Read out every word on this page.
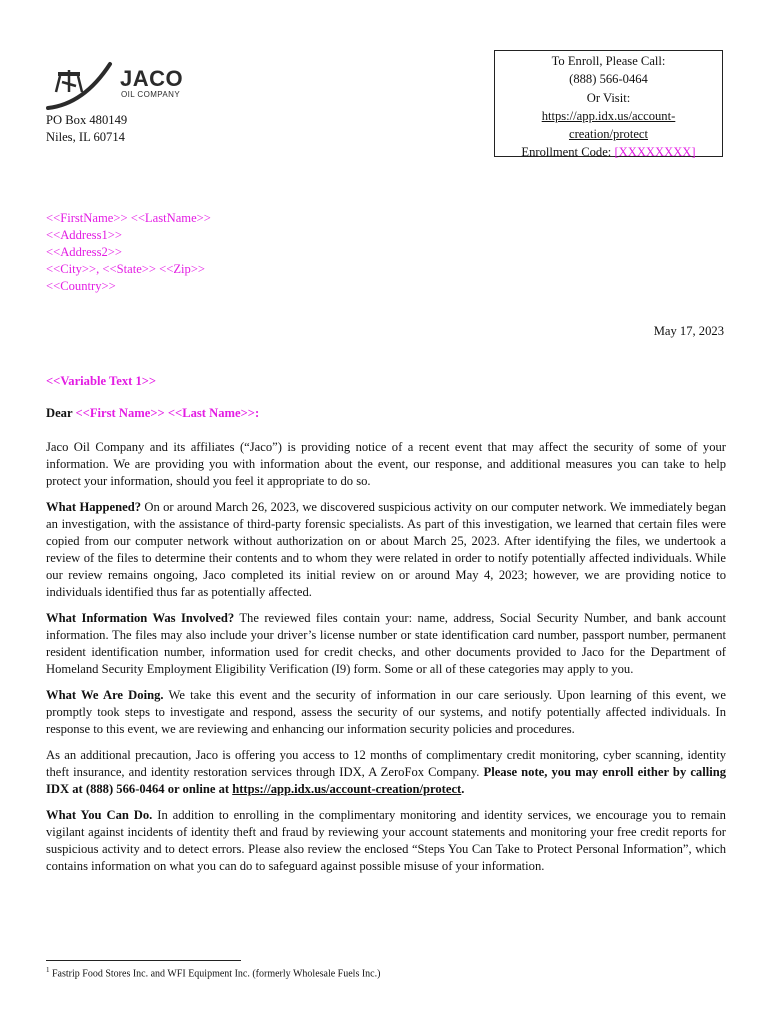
JACO
OIL COMPANY
PO Box 480149
Niles, IL 60714
To Enroll, Please Call:
(888) 566-0464
Or Visit:
https://app.idx.us/account-
creation/protect
Enrollment Code: [XXXXXXXX]
<<FirstName>> <<LastName>>
<<Address1>>
<<Address2>>
<<City>>, <<State>> <<Zip>>
<<Country>>
May 17, 2023
<<Variable Text 1>>
Dear <<First Name>> <<Last Name>>:

Jaco Oil Company and its affiliates (“Jaco”) is providing notice of a recent event that may affect the security of some of your information. We are providing you with information about the event, our response, and additional measures you can take to help protect your information, should you feel it appropriate to do so.

What Happened? On or around March 26, 2023, we discovered suspicious activity on our computer network. We immediately began an investigation, with the assistance of third-party forensic specialists. As part of this investigation, we learned that certain files were copied from our computer network without authorization on or about March 25, 2023. After identifying the files, we undertook a review of the files to determine their contents and to whom they were related in order to notify potentially affected individuals. While our review remains ongoing, Jaco completed its initial review on or around May 4, 2023; however, we are providing notice to individuals identified thus far as potentially affected.

What Information Was Involved? The reviewed files contain your: name, address, Social Security Number, and bank account information. The files may also include your driver’s license number or state identification card number, passport number, permanent resident identification number, information used for credit checks, and other documents provided to Jaco for the Department of Homeland Security Employment Eligibility Verification (I9) form. Some or all of these categories may apply to you.

What We Are Doing. We take this event and the security of information in our care seriously. Upon learning of this event, we promptly took steps to investigate and respond, assess the security of our systems, and notify potentially affected individuals. In response to this event, we are reviewing and enhancing our information security policies and procedures.

As an additional precaution, Jaco is offering you access to 12 months of complimentary credit monitoring, cyber scanning, identity theft insurance, and identity restoration services through IDX, A ZeroFox Company. Please note, you may enroll either by calling IDX at (888) 566-0464 or online at https://app.idx.us/account-creation/protect.

What You Can Do. In addition to enrolling in the complimentary monitoring and identity services, we encourage you to remain vigilant against incidents of identity theft and fraud by reviewing your account statements and monitoring your free credit reports for suspicious activity and to detect errors. Please also review the enclosed “Steps You Can Take to Protect Personal Information”, which contains information on what you can do to safeguard against possible misuse of your information.

$^1$ Fastrip Food Stores Inc. and WFI Equipment Inc. (formerly Wholesale Fuels Inc.)
